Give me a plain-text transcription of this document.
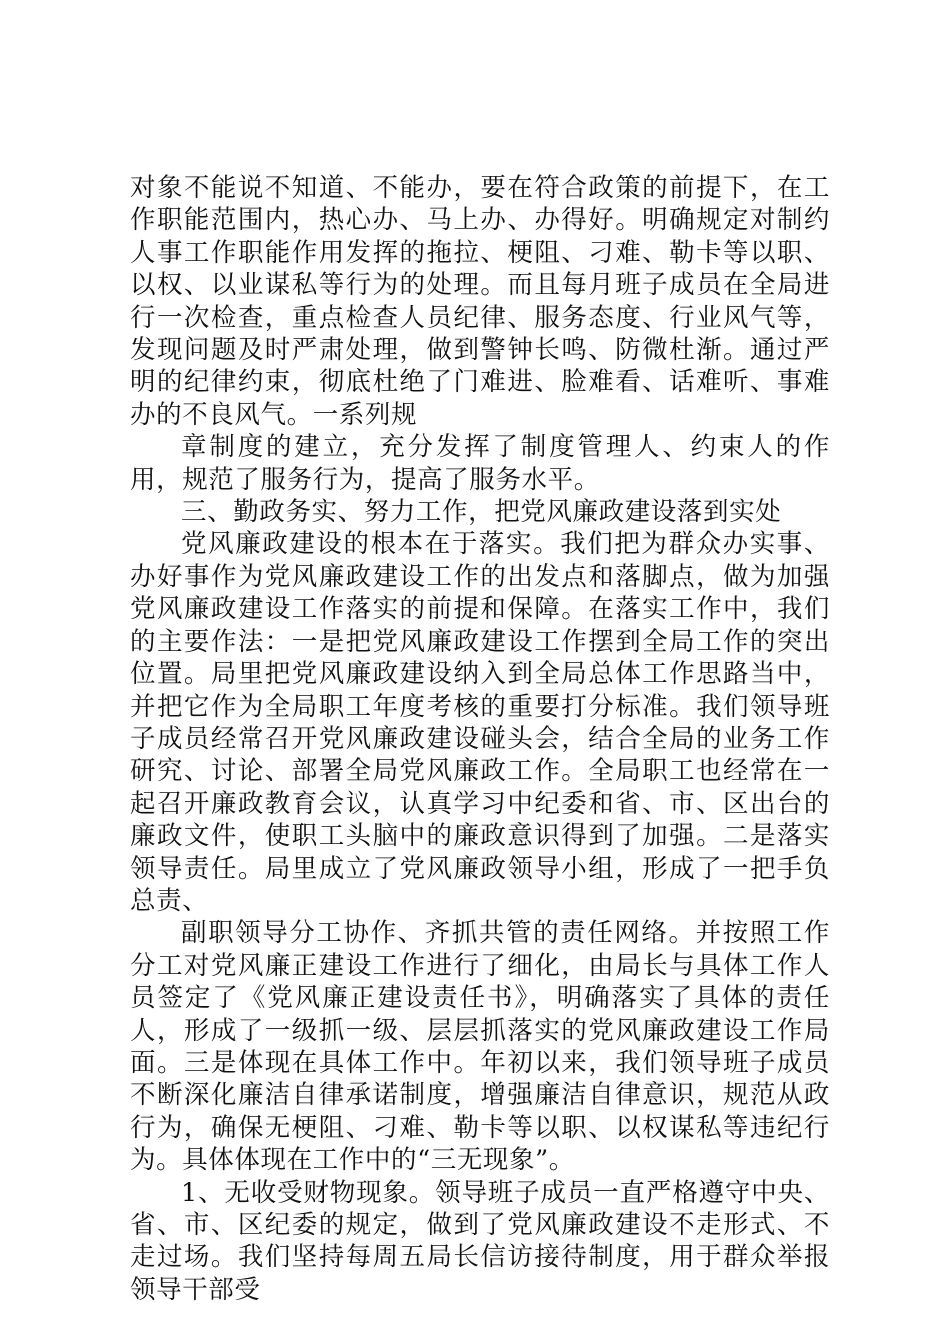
对象不能说不知道、不能办，要在符合政策的前提下，在工作职能范围内，热心办、马上办、办得好。明确规定对制约人事工作职能作用发挥的拖拉、梗阻、刁难、勒卡等以职、以权、以业谋私等行为的处理。而且每月班子成员在全局进行一次检查，重点检查人员纪律、服务态度、行业风气等，发现问题及时严肃处理，做到警钟长鸣、防微杜渐。通过严明的纪律约束，彻底杜绝了门难进、脸难看、话难听、事难办的不良风气。一系列规

章制度的建立，充分发挥了制度管理人、约束人的作用，规范了服务行为，提高了服务水平。

三、勤政务实、努力工作，把党风廉政建设落到实处

党风廉政建设的根本在于落实。我们把为群众办实事、办好事作为党风廉政建设工作的出发点和落脚点，做为加强党风廉政建设工作落实的前提和保障。在落实工作中，我们的主要作法：一是把党风廉政建设工作摆到全局工作的突出位置。局里把党风廉政建设纳入到全局总体工作思路当中，并把它作为全局职工年度考核的重要打分标准。我们领导班子成员经常召开党风廉政建设碰头会，结合全局的业务工作研究、讨论、部署全局党风廉政工作。全局职工也经常在一起召开廉政教育会议，认真学习中纪委和省、市、区出台的廉政文件，使职工头脑中的廉政意识得到了加强。二是落实领导责任。局里成立了党风廉政领导小组，形成了一把手负总责、

副职领导分工协作、齐抓共管的责任网络。并按照工作分工对党风廉正建设工作进行了细化，由局长与具体工作人员签定了《党风廉正建设责任书》，明确落实了具体的责任人，形成了一级抓一级、层层抓落实的党风廉政建设工作局面。三是体现在具体工作中。年初以来，我们领导班子成员不断深化廉洁自律承诺制度，增强廉洁自律意识，规范从政行为，确保无梗阻、刁难、勒卡等以职、以权谋私等违纪行为。具体体现在工作中的“三无现象”。

1、无收受财物现象。领导班子成员一直严格遵守中央、省、市、区纪委的规定，做到了党风廉政建设不走形式、不走过场。我们坚持每周五局长信访接待制度，用于群众举报领导干部受
